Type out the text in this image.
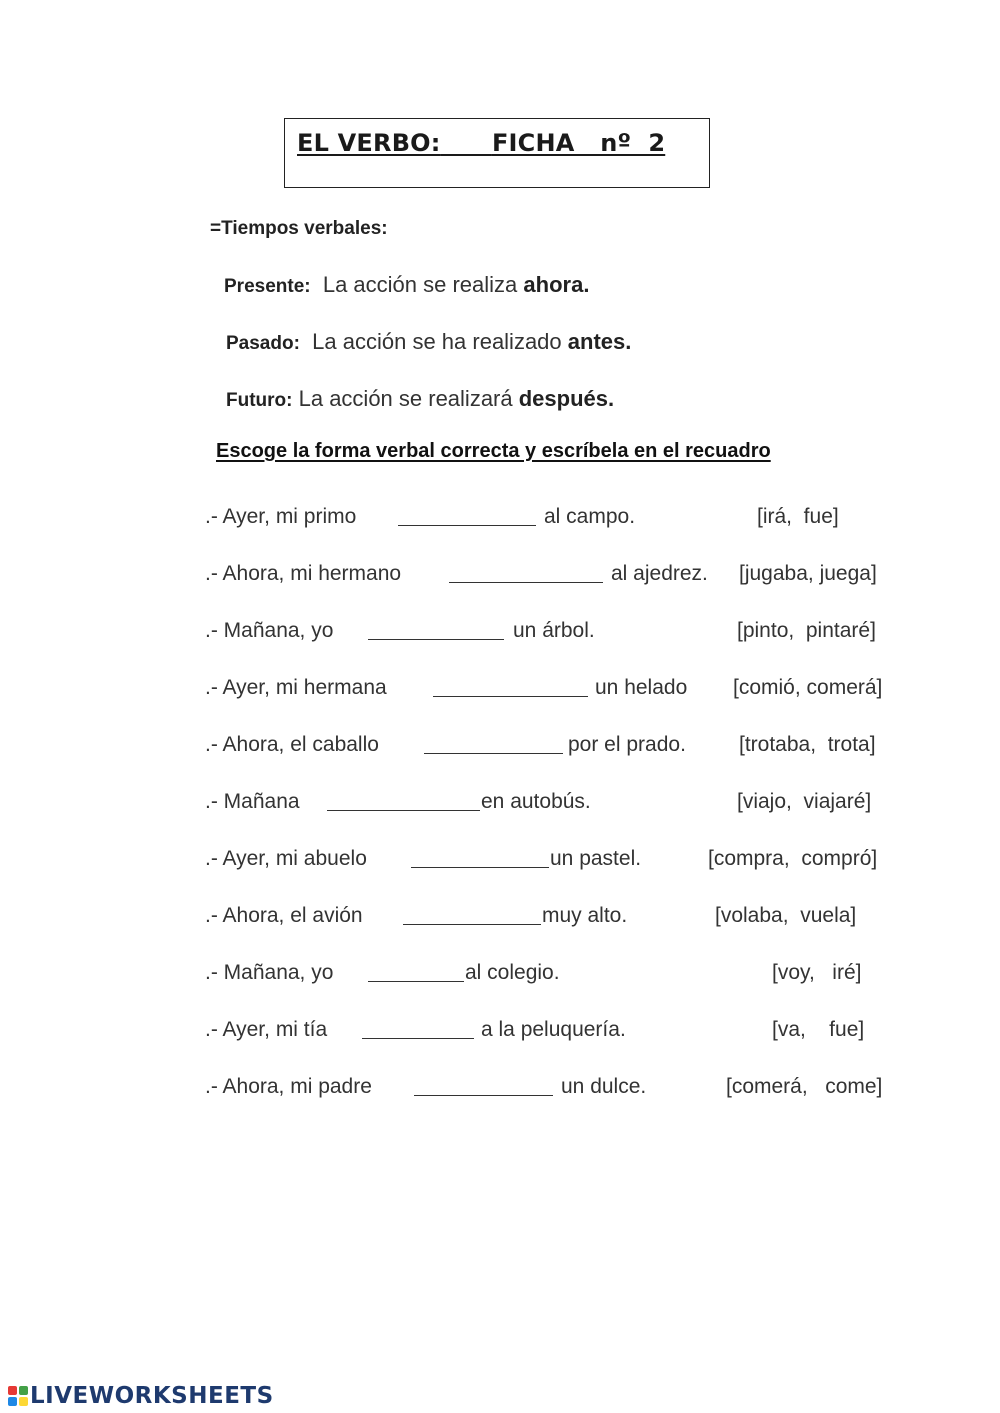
EL VERBO: FICHA   nº  2
=Tiempos verbales:
Presente: La acción se realiza ahora.
Pasado: La acción se ha realizado antes.
Futuro: La acción se realizará después.
Escoge la forma verbal correcta y escríbela en el recuadro
.- Ayer, mi primo	al campo.	[irá,  fue]
.- Ahora, mi hermano	al ajedrez. [jugaba, juega]
.- Mañana, yo	un árbol.	[pinto,  pintaré]
.- Ayer, mi hermana	un helado [comió, comerá]
.- Ahora, el caballo	por el prado.	[trotaba,  trota]
.- Mañana	en autobús.	[viajo,  viajaré]
.- Ayer, mi abuelo	un pastel.	[compra,  compró]
.- Ahora, el avión	muy alto.	[volaba,  vuela]
.- Mañana, yo	al colegio.	[voy,   iré]
.- Ayer, mi tía	a la peluquería.	[va,    fue]
.- Ahora, mi padre	un dulce.	[comerá,   come]
LIVEWORKSHEETS
